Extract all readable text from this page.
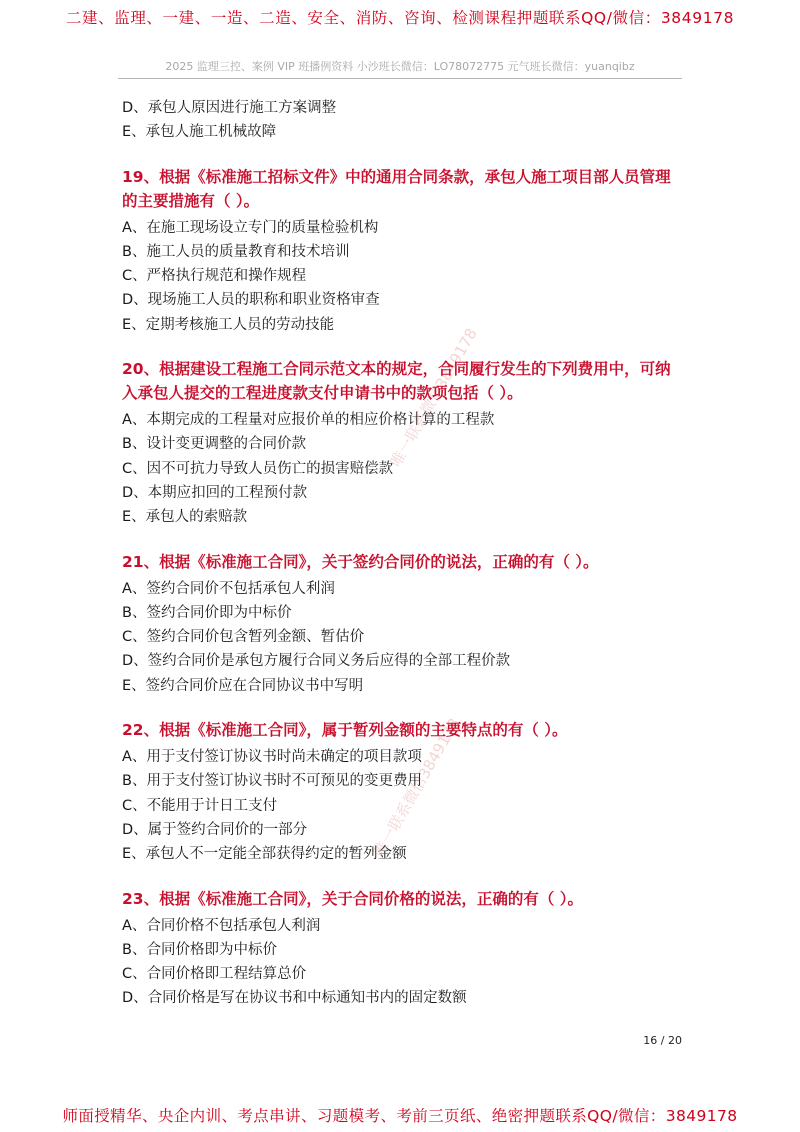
二建、监理、一建、一造、二造、安全、消防、咨询、检测课程押题联系QQ/微信：3849178
2025 监理三控、案例 VIP 班播例资料 小沙班长微信：LO78072775 元气班长微信：yuanqibz
D、承包人原因进行施工方案调整
E、承包人施工机械故障
19、根据《标准施工招标文件》中的通用合同条款，承包人施工项目部人员管理的主要措施有（ ）。
A、在施工现场设立专门的质量检验机构
B、施工人员的质量教育和技术培训
C、严格执行规范和操作规程
D、现场施工人员的职称和职业资格审查
E、定期考核施工人员的劳动技能
20、根据建设工程施工合同示范文本的规定，合同履行发生的下列费用中，可纳入承包人提交的工程进度款支付申请书中的款项包括（ ）。
A、本期完成的工程量对应报价单的相应价格计算的工程款
B、设计变更调整的合同价款
C、因不可抗力导致人员伤亡的损害赔偿款
D、本期应扣回的工程预付款
E、承包人的索赔款
21、根据《标准施工合同》，关于签约合同价的说法，正确的有（ ）。
A、签约合同价不包括承包人利润
B、签约合同价即为中标价
C、签约合同价包含暂列金额、暂估价
D、签约合同价是承包方履行合同义务后应得的全部工程价款
E、签约合同价应在合同协议书中写明
22、根据《标准施工合同》，属于暂列金额的主要特点的有（ ）。
A、用于支付签订协议书时尚未确定的项目款项
B、用于支付签订协议书时不可预见的变更费用
C、不能用于计日工支付
D、属于签约合同价的一部分
E、承包人不一定能全部获得约定的暂列金额
23、根据《标准施工合同》，关于合同价格的说法，正确的有（ ）。
A、合同价格不包括承包人利润
B、合同价格即为中标价
C、合同价格即工程结算总价
D、合同价格是写在协议书和中标通知书内的固定数额
唯一联系微信3849178
唯一联系微信3849178
16 / 20
师面授精华、央企内训、考点串讲、习题模考、考前三页纸、绝密押题联系QQ/微信：3849178
